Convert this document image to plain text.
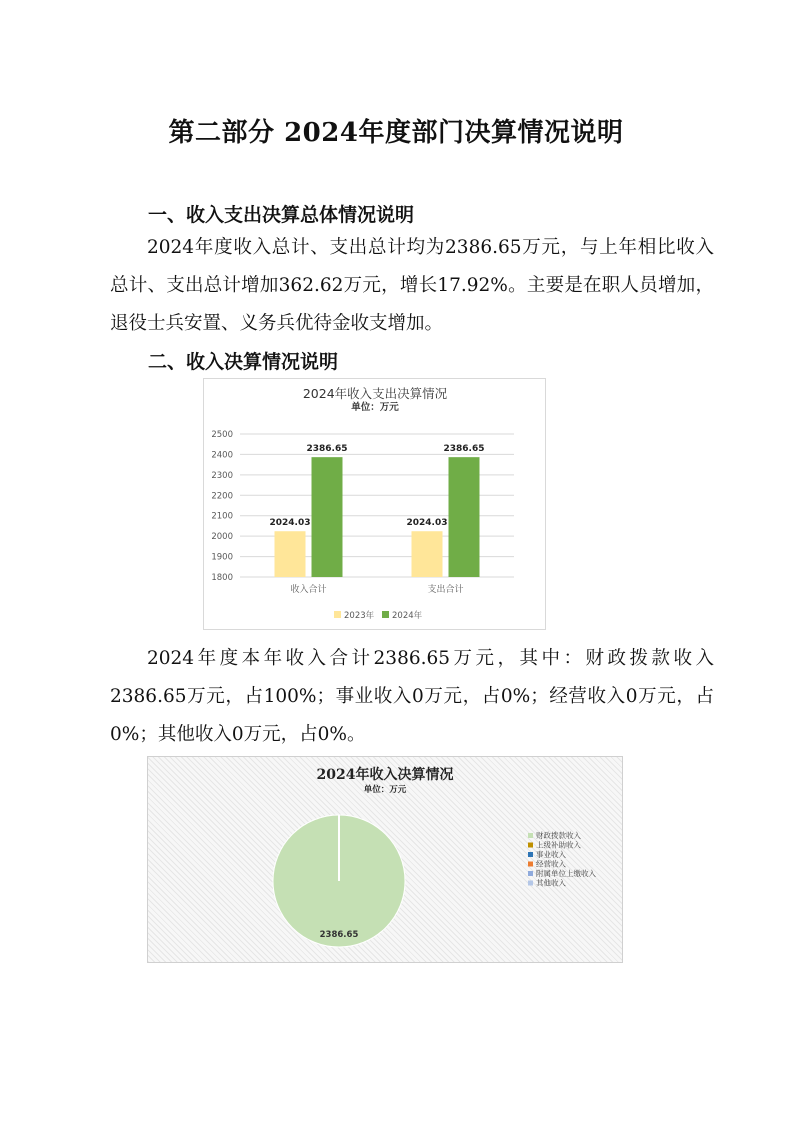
第二部分 2024年度部门决算情况说明
一、收入支出决算总体情况说明

2024年度收入总计、支出总计均为2386.65万元，与上年相比收入总计、支出总计增加362.62万元，增长17.92%。主要是在职人员增加，退役士兵安置、义务兵优待金收支增加。

二、收入决算情况说明
2024年收入支出决算情况
单位：万元
1800
1900
2000
2100
2200
2300
2400
2500
2024.03
2386.65
收入合计
2024.03
2386.65
支出合计
2023年 2024年

2024年度本年收入合计2386.65万元，其中：财政拨款收入2386.65万元，占100%；事业收入0万元，占0%；经营收入0万元，占0%；其他收入0万元，占0%。

2024年收入决算情况
单位：万元
2386.65
财政拨款收入
上级补助收入
事业收入
经营收入
附属单位上缴收入
其他收入
